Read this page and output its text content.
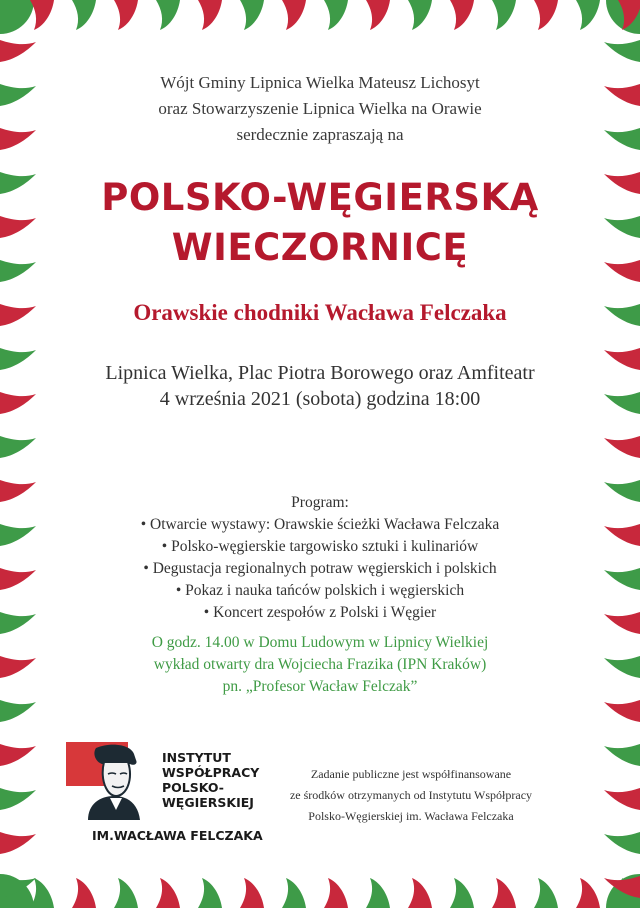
Wójt Gminy Lipnica Wielka Mateusz Lichosyt
oraz Stowarzyszenie Lipnica Wielka na Orawie
serdecznie zapraszają na
POLSKO-WĘGIERSKĄ
WIECZORNICĘ
Orawskie chodniki Wacława Felczaka
Lipnica Wielka, Plac Piotra Borowego oraz Amfiteatr
4 września 2021 (sobota) godzina 18:00
Program:
• Otwarcie wystawy: Orawskie ścieżki Wacława Felczaka
• Polsko-węgierskie targowisko sztuki i kulinariów
• Degustacja regionalnych potraw węgierskich i polskich
• Pokaz i nauka tańców polskich i węgierskich
• Koncert zespołów z Polski i Węgier
O godz. 14.00 w Domu Ludowym w Lipnicy Wielkiej
wykład otwarty dra Wojciecha Frazika (IPN Kraków)
pn. „Profesor Wacław Felczak”
INSTYTUT
WSPÓŁPRACY
POLSKO-
WĘGIERSKIEJ
IM.WACŁAWA FELCZAKA
Zadanie publiczne jest współfinansowane
ze środków otrzymanych od Instytutu Współpracy
Polsko-Węgierskiej im. Wacława Felczaka
